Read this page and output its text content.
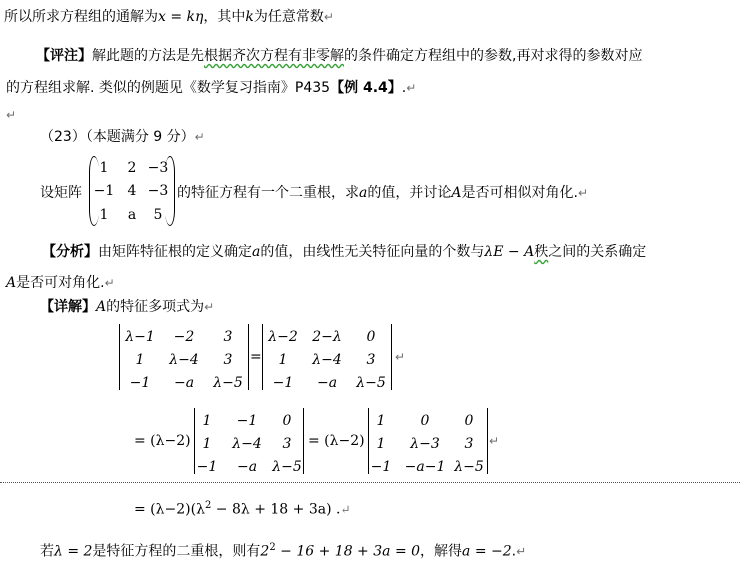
所以所求方程组的通解为x = kη，其中k为任意常数↵
【评注】解此题的方法是先根据齐次方程有非零解的条件确定方程组中的参数,再对求得的参数对应
的方程组求解. 类似的例题见《数学复习指南》P435【例 4.4】.↵
↵
（23）（本题满分 9 分）↵
设矩阵
1 2 −3
−1 4 −3
1 a 5
的特征方程有一个二重根，求a的值，并讨论A是否可相似对角化.↵
【分析】由矩阵特征根的定义确定a的值，由线性无关特征向量的个数与λE − A秩之间的关系确定
A是否可对角化.↵
【详解】A的特征多项式为↵
λ−1 −2 3
1 λ−4 3
−1 −a λ−5
=
λ−2 2−λ 0
1 λ−4 3
−1 −a λ−5
↵
= (λ−2)
1 −1 0
1 λ−4 3
−1 −a λ−5
= (λ−2)
1	0	0
1 λ−3 3
−1 −a−1 λ−5
↵
= $(\lambda-2)(\lambda^2 - 8\lambda + 18 + 3a)$ .↵
若λ = 2是特征方程的二重根，则有$2^2 - 16 + 18 + 3a = 0$，解得a = −2.↵
